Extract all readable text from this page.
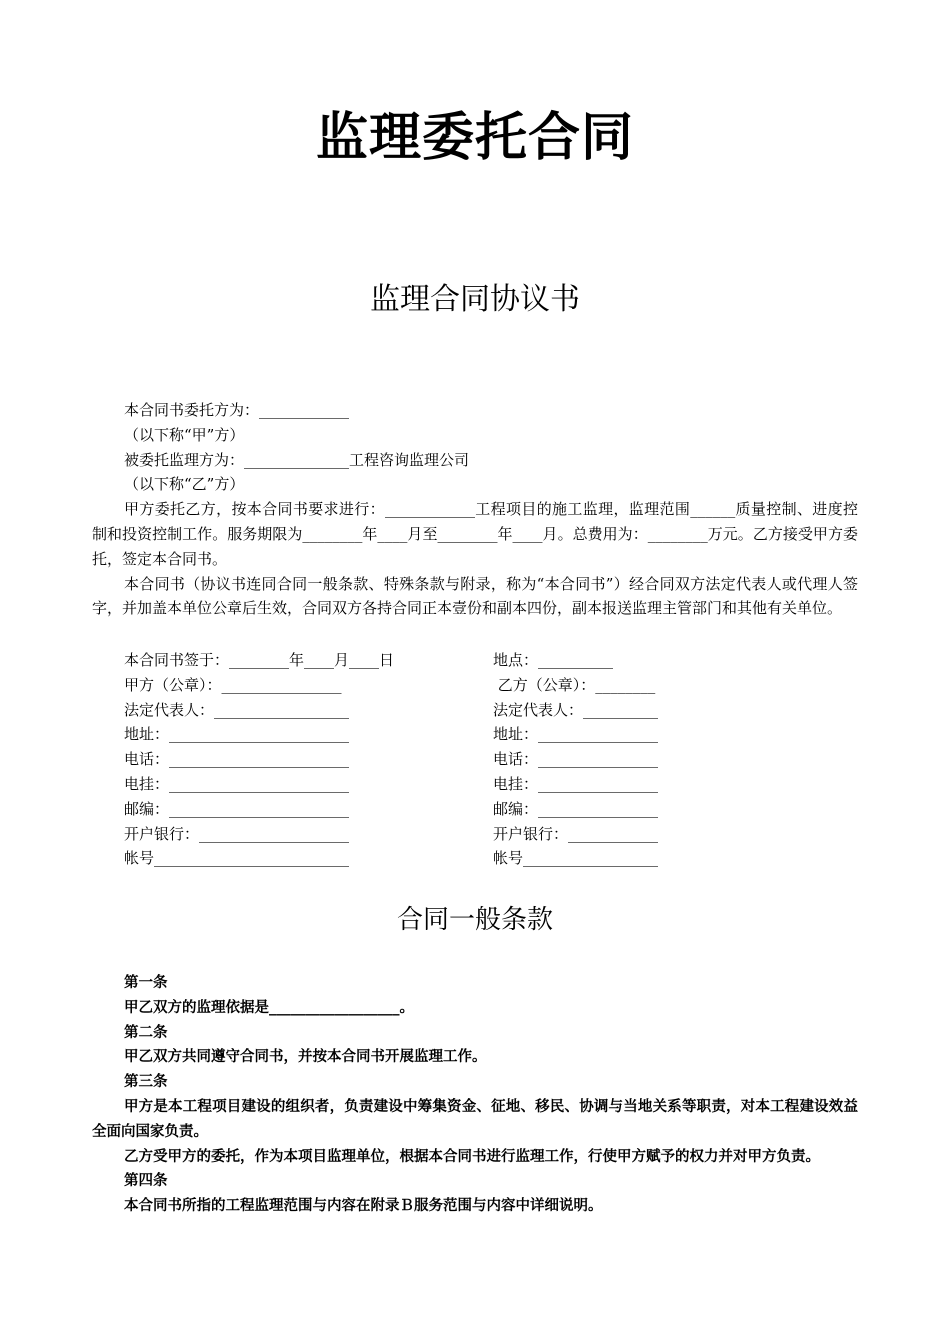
监理委托合同
监理合同协议书

本合同书委托方为：____________

（以下称“甲”方）

被委托监理方为：______________工程咨询监理公司

（以下称“乙”方）

甲方委托乙方，按本合同书要求进行：____________工程项目的施工监理，监理范围______质量控制、进度控制和投资控制工作。服务期限为________年____月至________年____月。总费用为：________万元。乙方接受甲方委托，签定本合同书。

本合同书（协议书连同合同一般条款、特殊条款与附录，称为“本合同书”）经合同双方法定代表人或代理人签字，并加盖本单位公章后生效，合同双方各持合同正本壹份和副本四份，副本报送监理主管部门和其他有关单位。

本合同书签于：________年____月____日	地点：__________
甲方（公章）：________________	乙方（公章）：________
法定代表人：__________________	法定代表人：__________
地址：________________________	地址：________________
电话：________________________	电话：________________
电挂：________________________	电挂：________________
邮编：________________________	邮编：________________
开户银行：____________________	开户银行：____________
帐号__________________________	帐号__________________
合同一般条款

第一条

甲乙双方的监理依据是__________________。

第二条

甲乙双方共同遵守合同书，并按本合同书开展监理工作。

第三条

甲方是本工程项目建设的组织者，负责建设中筹集资金、征地、移民、协调与当地关系等职责，对本工程建设效益全面向国家负责。

乙方受甲方的委托，作为本项目监理单位，根据本合同书进行监理工作，行使甲方赋予的权力并对甲方负责。

第四条

本合同书所指的工程监理范围与内容在附录Ｂ服务范围与内容中详细说明。
